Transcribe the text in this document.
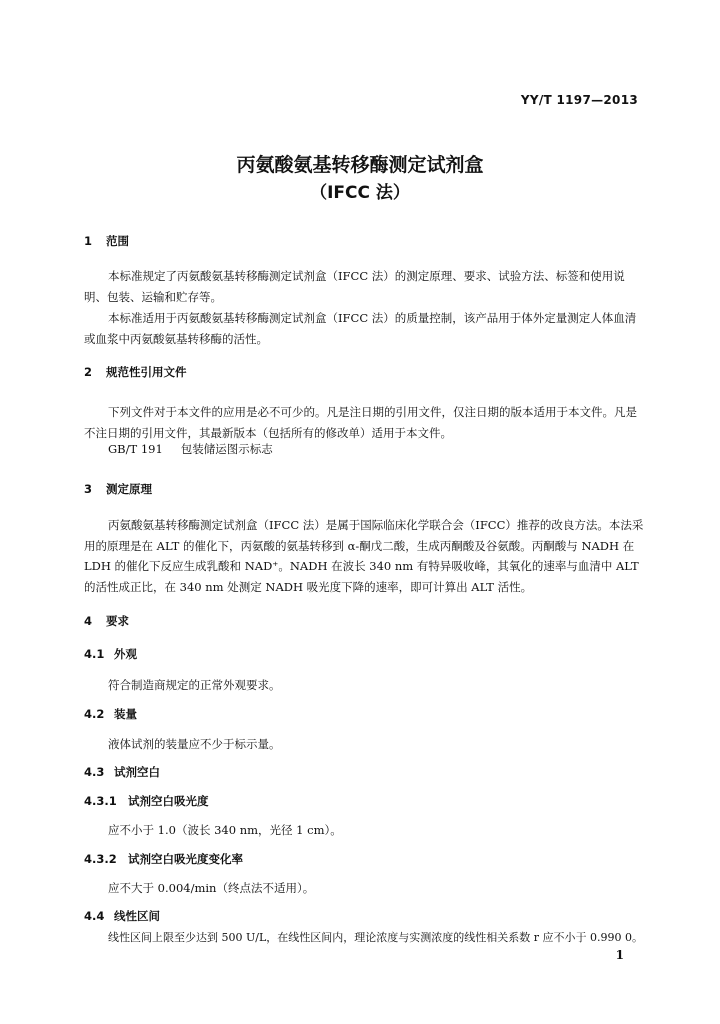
YY/T 1197—2013
丙氨酸氨基转移酶测定试剂盒
（IFCC 法）
1 范围
本标准规定了丙氨酸氨基转移酶测定试剂盒（IFCC 法）的测定原理、要求、试验方法、标签和使用说明、包装、运输和贮存等。
本标准适用于丙氨酸氨基转移酶测定试剂盒（IFCC 法）的质量控制，该产品用于体外定量测定人体血清或血浆中丙氨酸氨基转移酶的活性。
2 规范性引用文件
下列文件对于本文件的应用是必不可少的。凡是注日期的引用文件，仅注日期的版本适用于本文件。凡是不注日期的引用文件，其最新版本（包括所有的修改单）适用于本文件。
GB/T 191 包装储运图示标志
3 测定原理
丙氨酸氨基转移酶测定试剂盒（IFCC 法）是属于国际临床化学联合会（IFCC）推荐的改良方法。本法采用的原理是在 ALT 的催化下，丙氨酸的氨基转移到 α-酮戊二酸，生成丙酮酸及谷氨酸。丙酮酸与 NADH 在 LDH 的催化下反应生成乳酸和 NAD⁺。NADH 在波长 340 nm 有特异吸收峰，其氧化的速率与血清中 ALT 的活性成正比，在 340 nm 处测定 NADH 吸光度下降的速率，即可计算出 ALT 活性。
4 要求
4.1 外观
符合制造商规定的正常外观要求。
4.2 装量
液体试剂的装量应不少于标示量。
4.3 试剂空白
4.3.1 试剂空白吸光度
应不小于 1.0（波长 340 nm，光径 1 cm）。
4.3.2 试剂空白吸光度变化率
应不大于 0.004/min（终点法不适用）。
4.4 线性区间
线性区间上限至少达到 500 U/L，在线性区间内，理论浓度与实测浓度的线性相关系数 r 应不小于 0.990 0。
1
